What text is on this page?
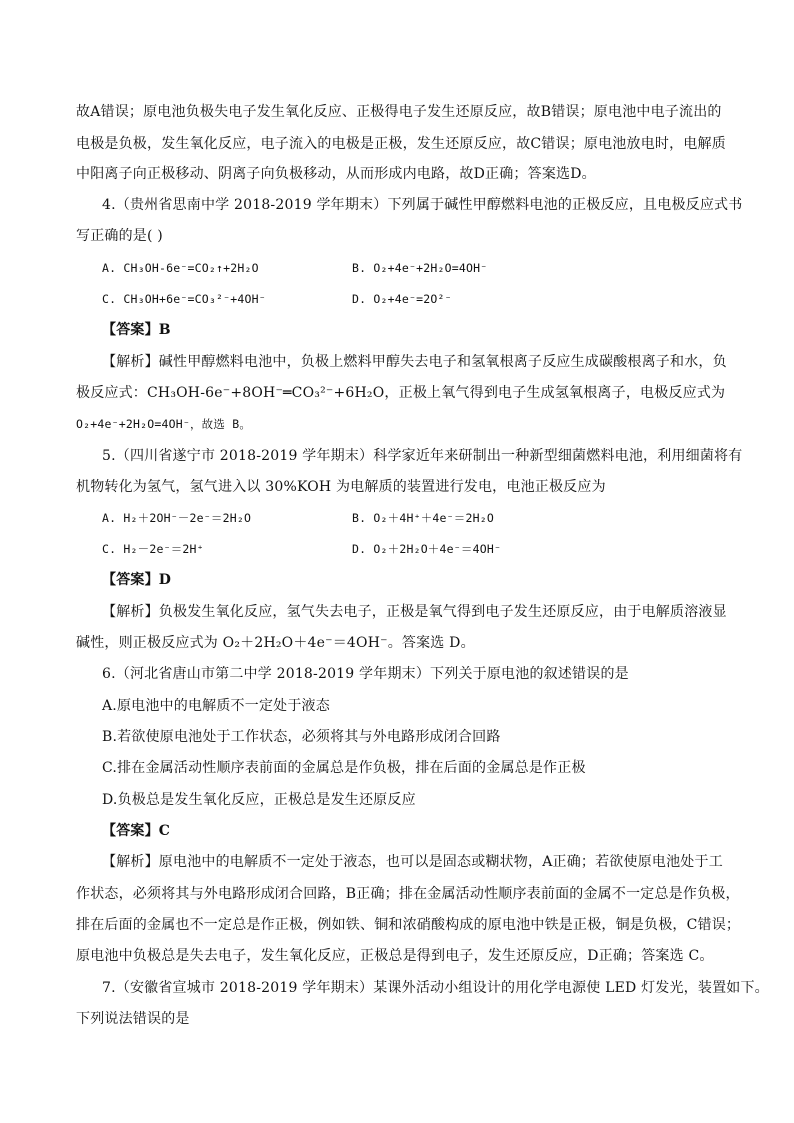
故A错误；原电池负极失电子发生氧化反应、正极得电子发生还原反应，故B错误；原电池中电子流出的
电极是负极，发生氧化反应，电子流入的电极是正极，发生还原反应，故C错误；原电池放电时，电解质
中阳离子向正极移动、阴离子向负极移动，从而形成内电路，故D正确；答案选D。
4.（贵州省思南中学 2018-2019 学年期末）下列属于碱性甲醇燃料电池的正极反应，且电极反应式书
写正确的是( )
A. CH₃OH-6e⁻=CO₂↑+2H₂O	B. O₂+4e⁻+2H₂O=4OH⁻
C. CH₃OH+6e⁻=CO₃²⁻+4OH⁻	D. O₂+4e⁻=2O²⁻
【答案】B
【解析】碱性甲醇燃料电池中，负极上燃料甲醇失去电子和氢氧根离子反应生成碳酸根离子和水，负
极反应式：CH₃OH-6e⁻+8OH⁻═CO₃²⁻+6H₂O，正极上氧气得到电子生成氢氧根离子，电极反应式为
O₂+4e⁻+2H₂O=4OH⁻，故选 B。
5.（四川省遂宁市 2018-2019 学年期末）科学家近年来研制出一种新型细菌燃料电池，利用细菌将有
机物转化为氢气，氢气进入以 30%KOH 为电解质的装置进行发电，电池正极反应为
A. H₂＋2OH⁻－2e⁻＝2H₂O	B. O₂＋4H⁺＋4e⁻＝2H₂O
C. H₂－2e⁻＝2H⁺	D. O₂＋2H₂O＋4e⁻＝4OH⁻
【答案】D
【解析】负极发生氧化反应，氢气失去电子，正极是氧气得到电子发生还原反应，由于电解质溶液显
碱性，则正极反应式为 O₂＋2H₂O＋4e⁻＝4OH⁻。答案选 D。
6.（河北省唐山市第二中学 2018-2019 学年期末）下列关于原电池的叙述错误的是
A.原电池中的电解质不一定处于液态
B.若欲使原电池处于工作状态，必须将其与外电路形成闭合回路
C.排在金属活动性顺序表前面的金属总是作负极，排在后面的金属总是作正极
D.负极总是发生氧化反应，正极总是发生还原反应
【答案】C
【解析】原电池中的电解质不一定处于液态，也可以是固态或糊状物，A正确；若欲使原电池处于工
作状态，必须将其与外电路形成闭合回路，B正确；排在金属活动性顺序表前面的金属不一定总是作负极，
排在后面的金属也不一定总是作正极，例如铁、铜和浓硝酸构成的原电池中铁是正极，铜是负极，C错误；
原电池中负极总是失去电子，发生氧化反应，正极总是得到电子，发生还原反应，D正确；答案选 C。
7.（安徽省宣城市 2018-2019 学年期末）某课外活动小组设计的用化学电源使 LED 灯发光，装置如下。
下列说法错误的是
